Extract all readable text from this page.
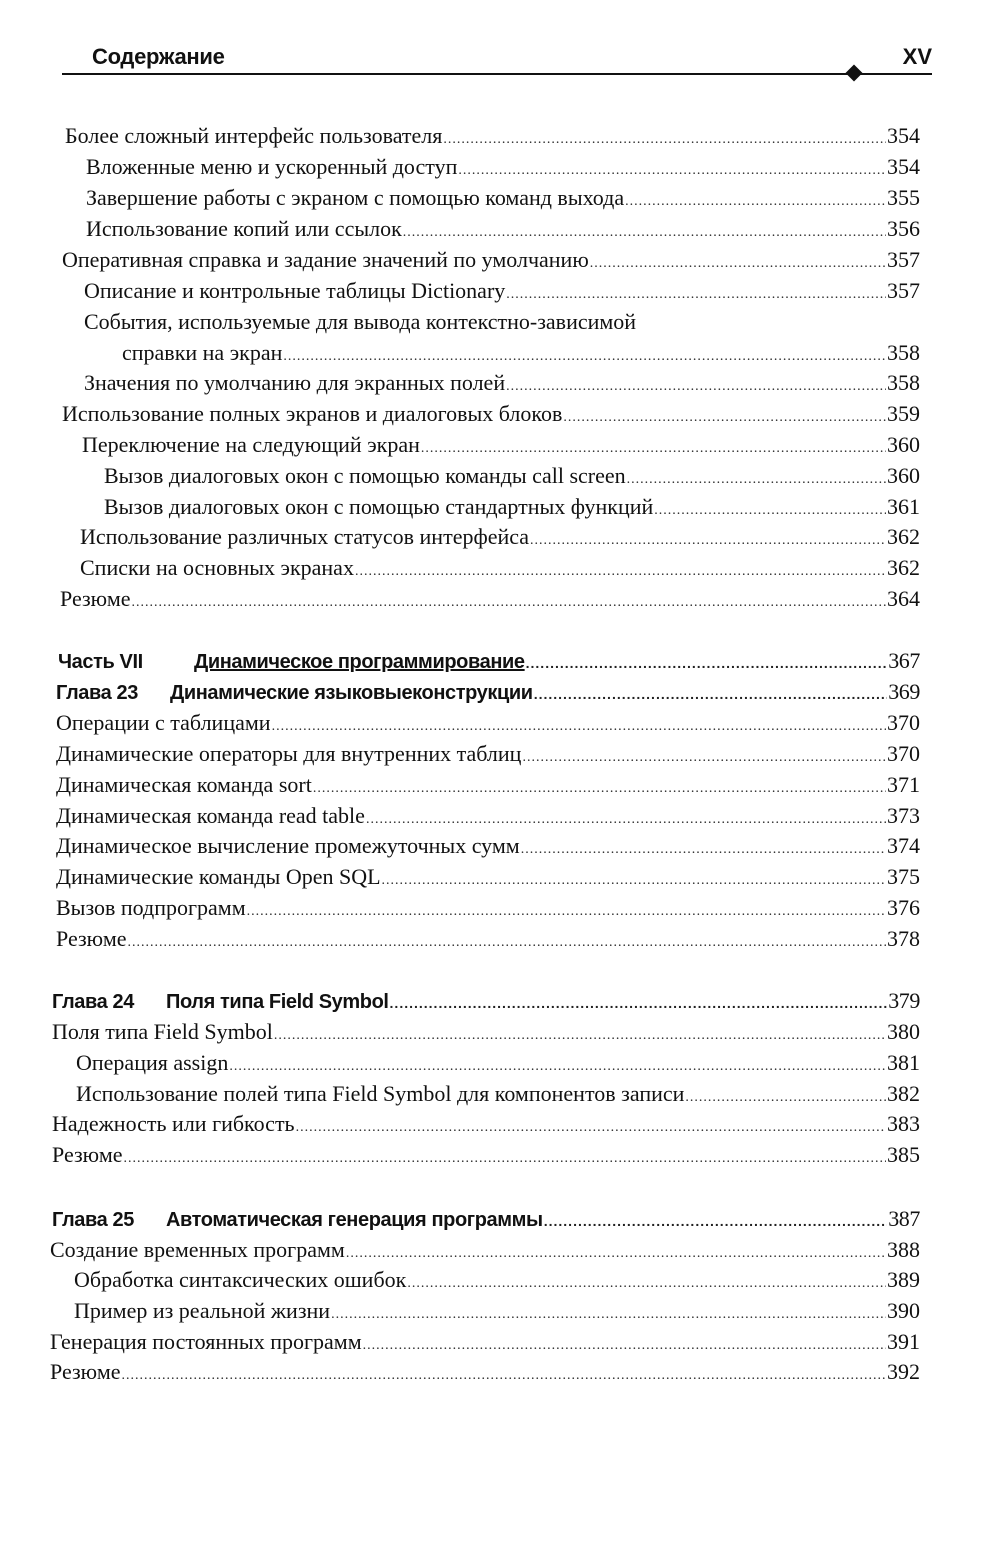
Содержание	XV
Более сложный интерфейс пользователя .....	354
Вложенные меню и ускоренный доступ .....	354
Завершение работы с экраном с помощью команд выхода .....	355
Использование копий или ссылок .....	356
Оперативная справка и задание значений по умолчанию .....	357
Описание и контрольные таблицы Dictionary .....	357
События, используемые для вывода контекстно-зависимой
справки на экран .....	358
Значения по умолчанию для экранных полей .....	358
Использование полных экранов и диалоговых блоков .....	359
Переключение на следующий экран .....	360
Вызов диалоговых окон с помощью команды call screen .....	360
Вызов диалоговых окон с помощью стандартных функций .....	361
Использование различных статусов интерфейса .....	362
Списки на основных экранах .....	362
Резюме .....	364
Часть VII	Динамическое программирование .....	367
Глава 23 Динамические языковыеконструкции .....	369
Операции с таблицами .....	370
Динамические операторы для внутренних таблиц .....	370
Динамическая команда sort .....	371
Динамическая команда read table .....	373
Динамическое вычисление промежуточных сумм .....	374
Динамические команды Open SQL .....	375
Вызов подпрограмм .....	376
Резюме .....	378
Глава 24 Поля типа Field Symbol .....	379
Поля типа Field Symbol .....	380
Операция assign .....	381
Использование полей типа Field Symbol для компонентов записи .....	382
Надежность или гибкость .....	383
Резюме .....	385
Глава 25 Автоматическая генерация программы .....	387
Создание временных программ .....	388
Обработка синтаксических ошибок .....	389
Пример из реальной жизни .....	390
Генерация постоянных программ .....	391
Резюме .....	392
